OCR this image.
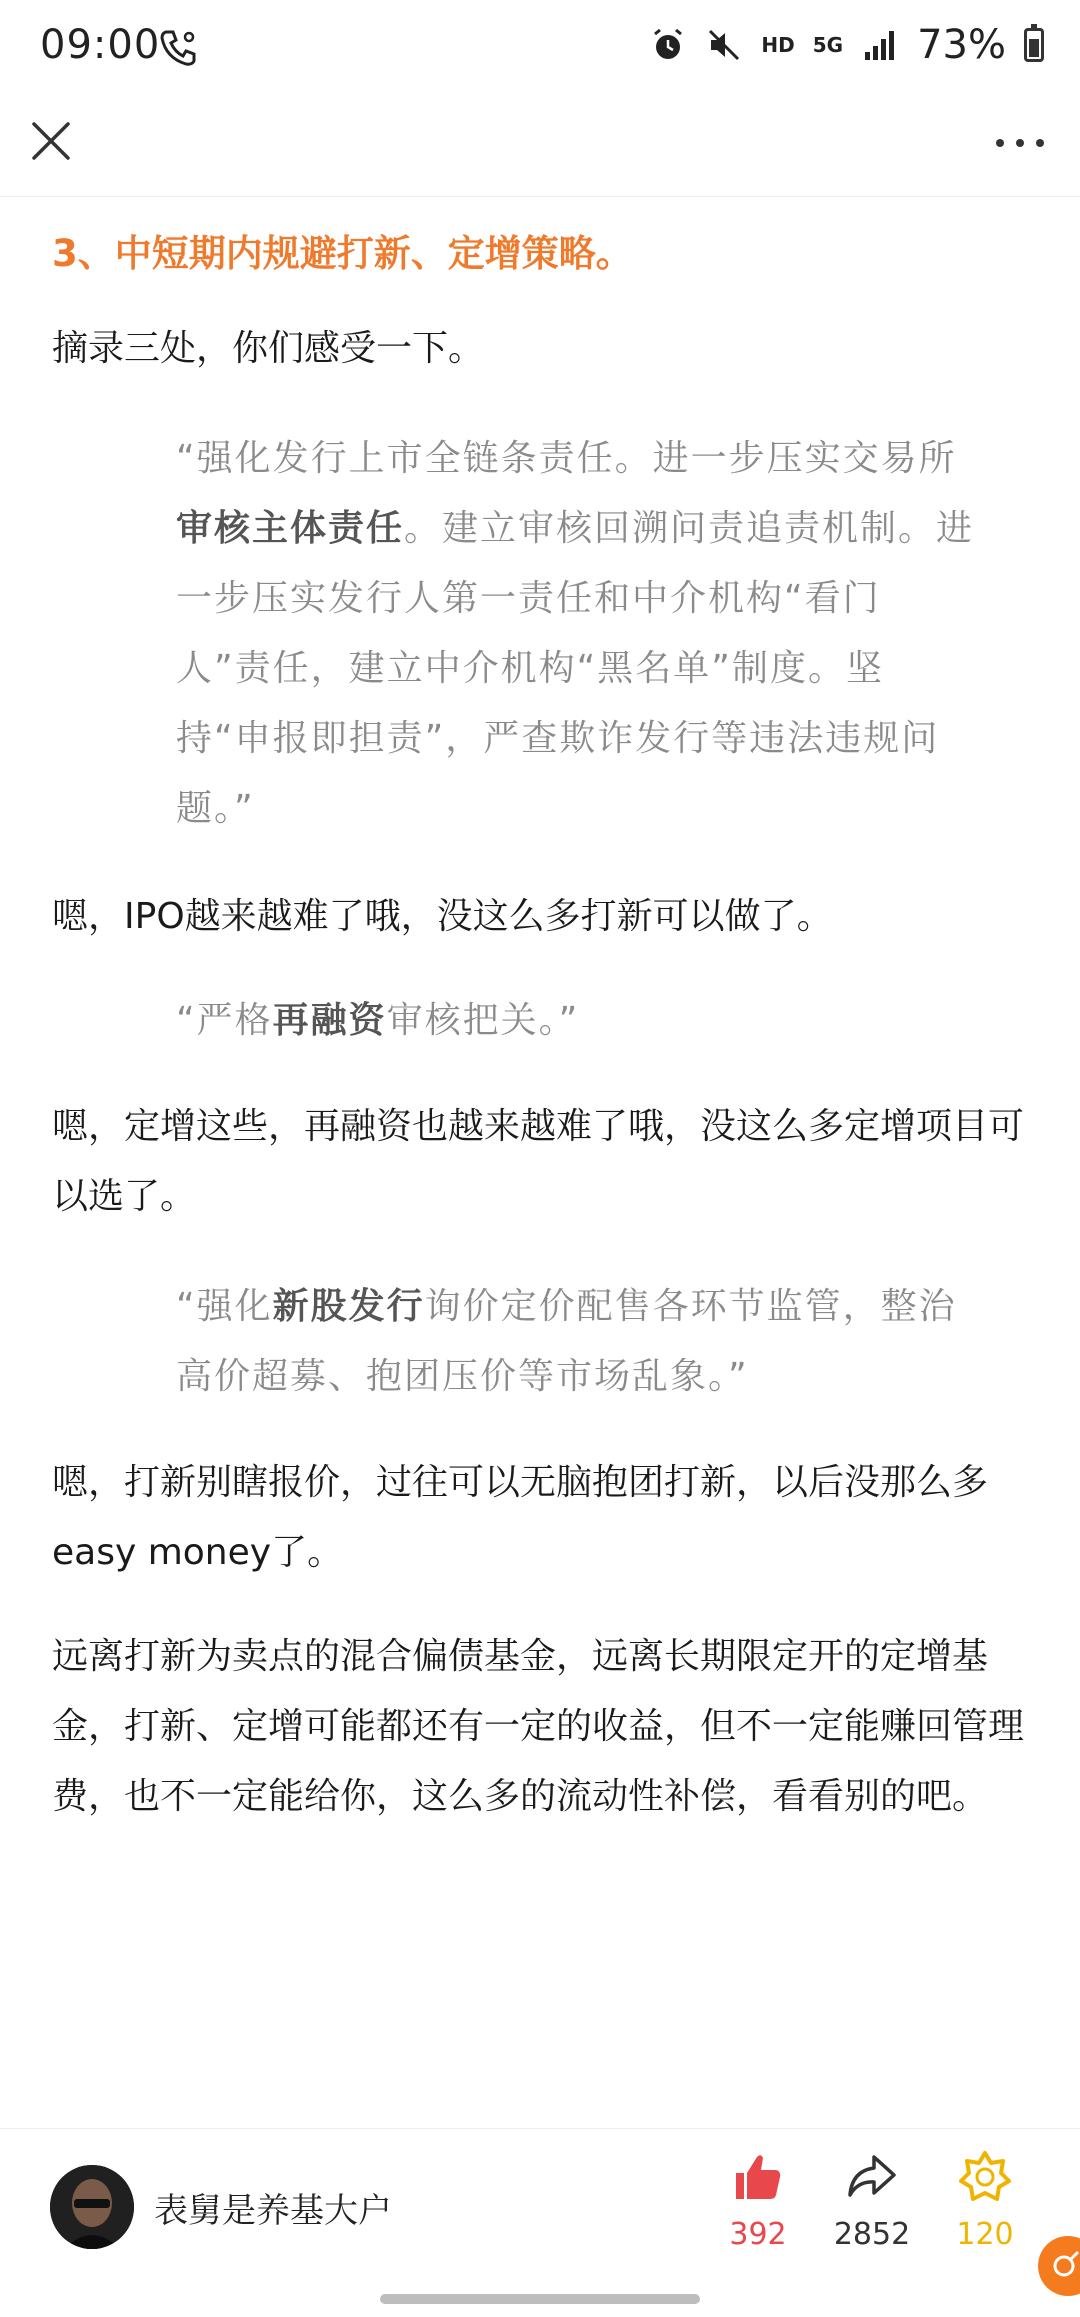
09:00	HD 5G 73%

3、中短期内规避打新、定增策略。

摘录三处，你们感受一下。

“强化发行上市全链条责任。进一步压实交易所审核主体责任。建立审核回溯问责追责机制。进一步压实发行人第一责任和中介机构“看门人”责任，建立中介机构“黑名单”制度。坚持“申报即担责”，严查欺诈发行等违法违规问题。”

嗯，IPO越来越难了哦，没这么多打新可以做了。

“严格再融资审核把关。”

嗯，定增这些，再融资也越来越难了哦，没这么多定增项目可以选了。

“强化新股发行询价定价配售各环节监管，整治高价超募、抱团压价等市场乱象。”

嗯，打新别瞎报价，过往可以无脑抱团打新，以后没那么多easy money了。

远离打新为卖点的混合偏债基金，远离长期限定开的定增基金，打新、定增可能都还有一定的收益，但不一定能赚回管理费，也不一定能给你，这么多的流动性补偿，看看别的吧。

表舅是养基大户
392	2852	120
